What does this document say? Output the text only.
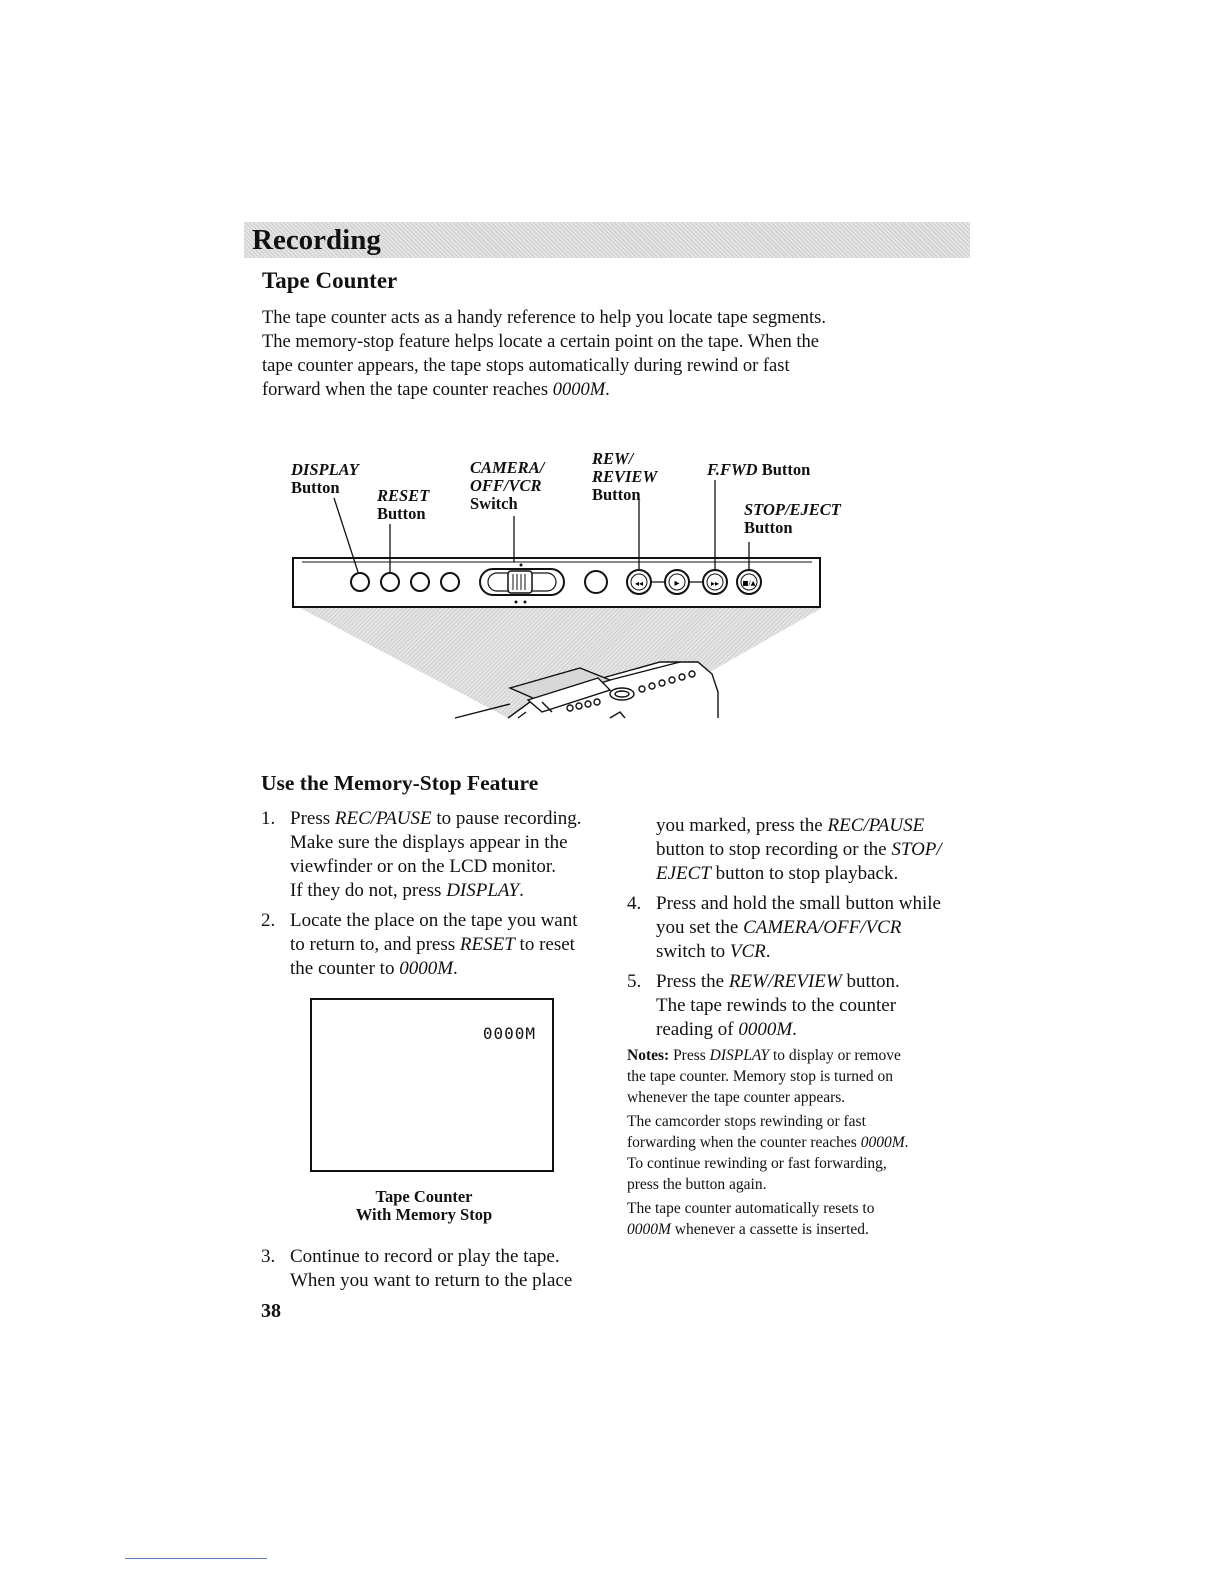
Recording
Tape Counter
The tape counter acts as a handy reference to help you locate tape segments.
The memory-stop feature helps locate a certain point on the tape. When the
tape counter appears, the tape stops automatically during rewind or fast
forward when the tape counter reaches 0000M.
DISPLAY
Button	RESET
Button
CAMERA/
OFF/VCR
Switch
REW/
REVIEW
Button
F.FWD Button
STOP/EJECT
Button
◂◂	▸	▸▸	■/▲
Use the Memory-Stop Feature
1. Press REC/PAUSE to pause recording.
Make sure the displays appear in the
viewfinder or on the LCD monitor.
If they do not, press DISPLAY.
2. Locate the place on the tape you want
to return to, and press RESET to reset
the counter to 0000M.
0000M
Tape Counter
With Memory Stop
3. Continue to record or play the tape.
When you want to return to the place
you marked, press the REC/PAUSE
button to stop recording or the STOP/
EJECT button to stop playback.
4. Press and hold the small button while
you set the CAMERA/OFF/VCR
switch to VCR.
5. Press the REW/REVIEW button.
The tape rewinds to the counter
reading of 0000M.
Notes: Press DISPLAY to display or remove
the tape counter. Memory stop is turned on
whenever the tape counter appears.
The camcorder stops rewinding or fast
forwarding when the counter reaches 0000M.
To continue rewinding or fast forwarding,
press the button again.
The tape counter automatically resets to
0000M whenever a cassette is inserted.
38
